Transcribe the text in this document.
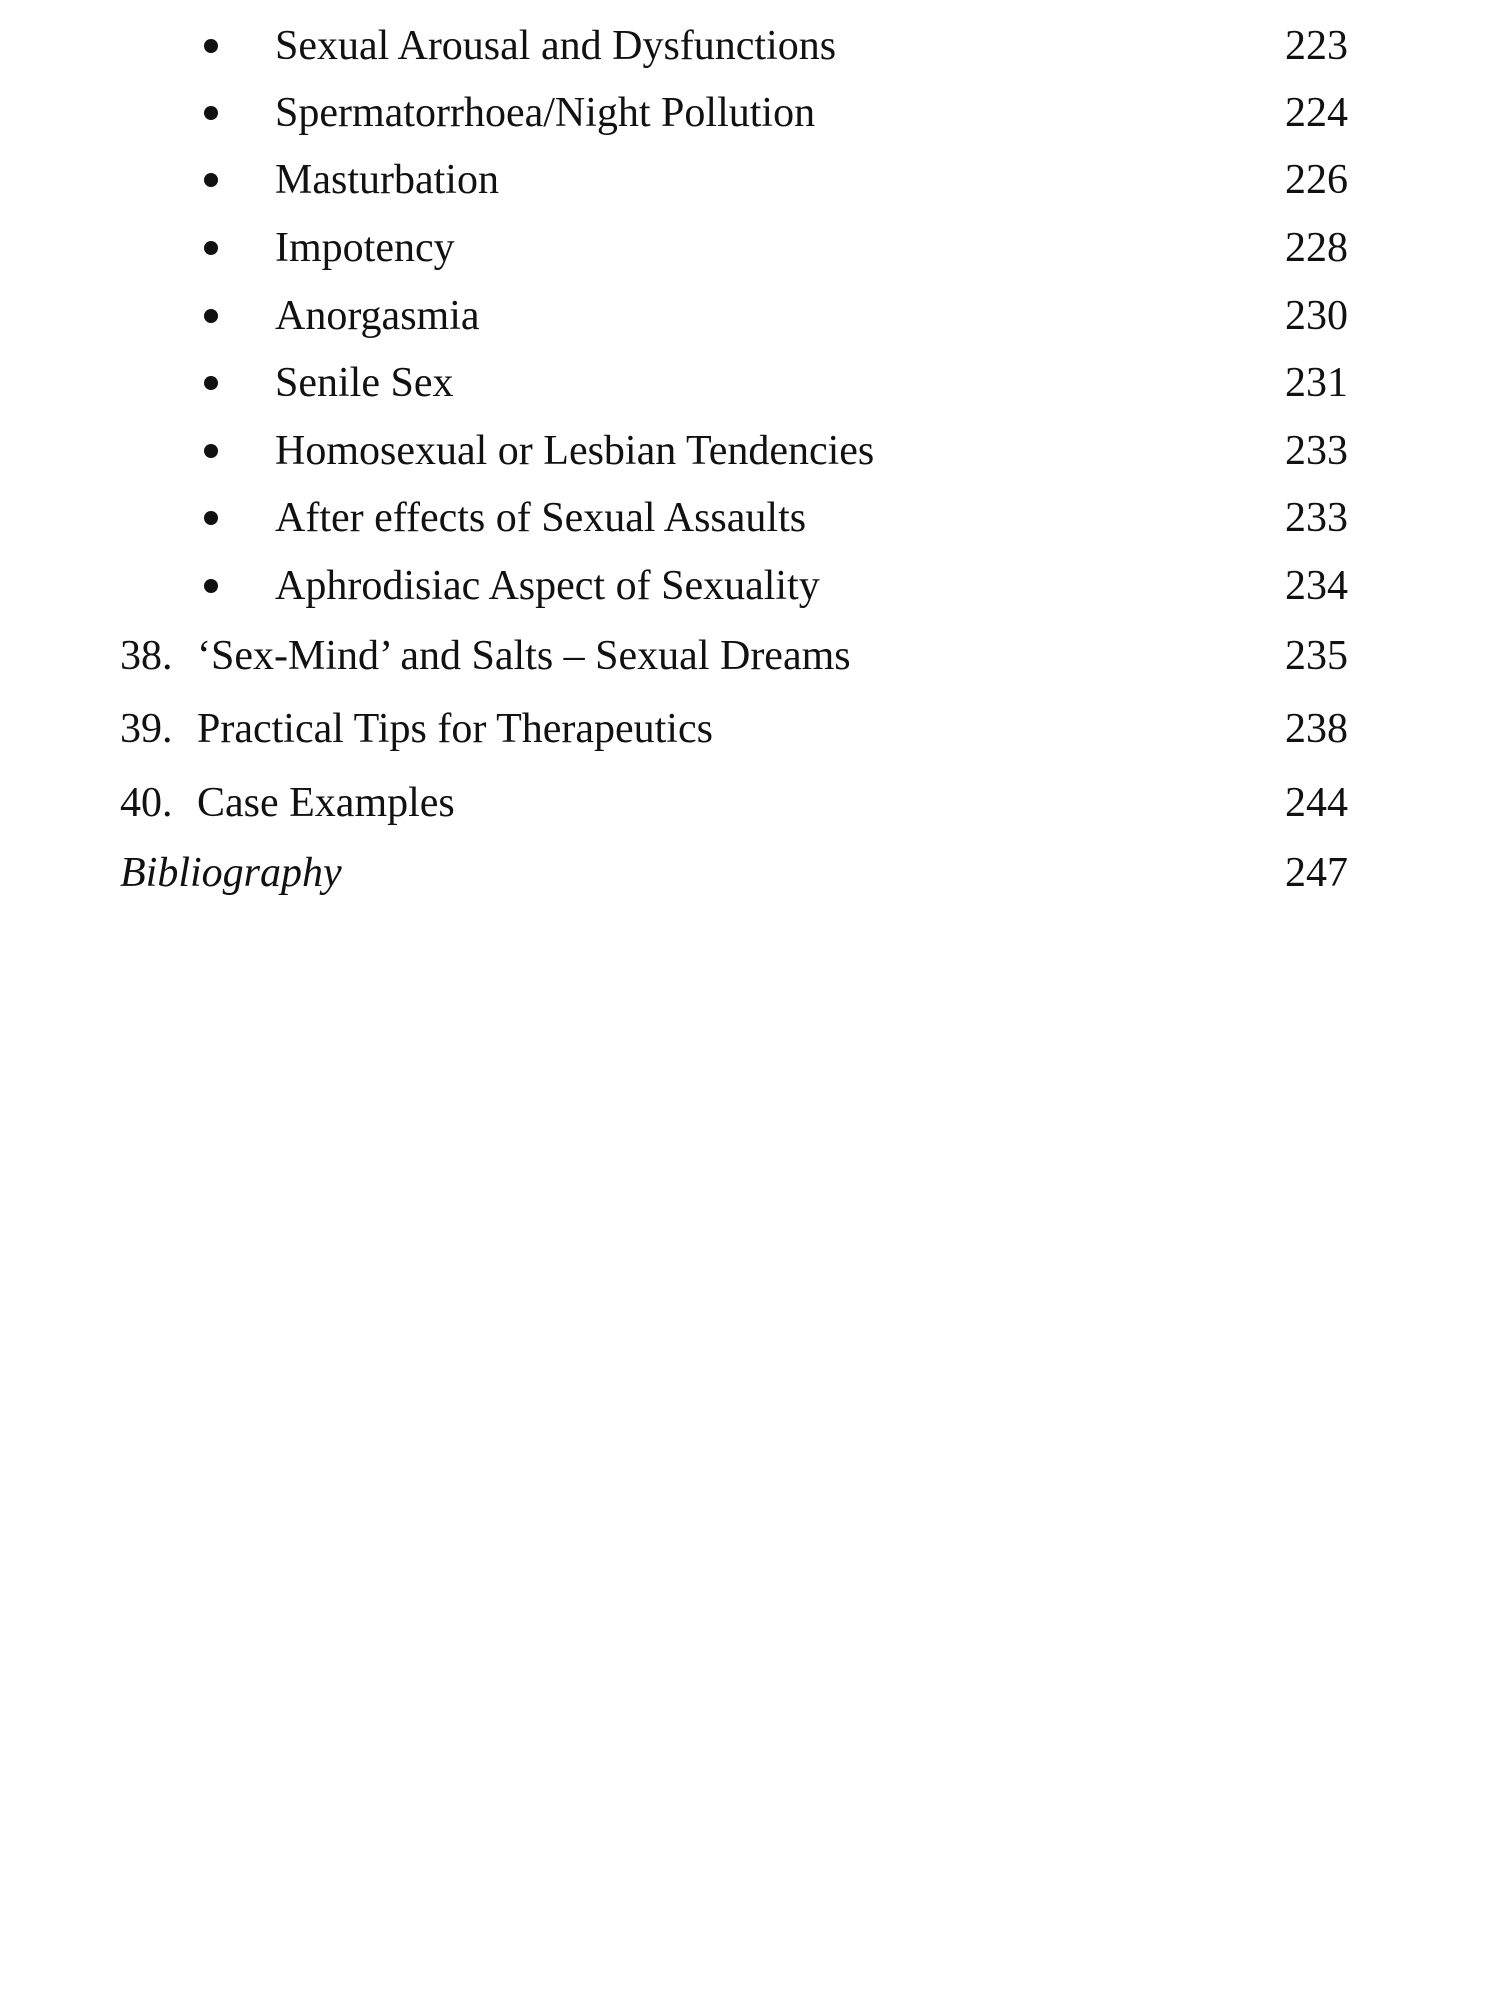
Sexual Arousal and Dysfunctions	223
Spermatorrhoea/Night Pollution	224
Masturbation	226
Impotency	228
Anorgasmia	230
Senile Sex	231
Homosexual or Lesbian Tendencies	233
After effects of Sexual Assaults	233
Aphrodisiac Aspect of Sexuality	234
38. ‘Sex-Mind’ and Salts – Sexual Dreams	235
39. Practical Tips for Therapeutics	238
40. Case Examples	244
Bibliography	247
